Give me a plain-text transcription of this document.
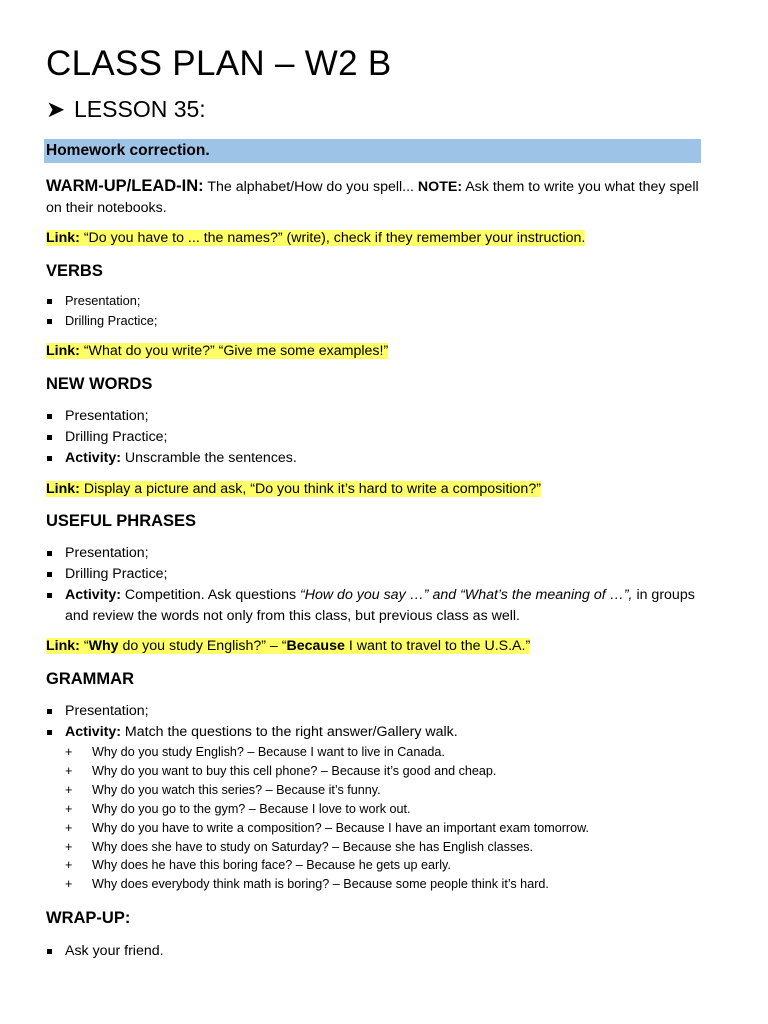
CLASS PLAN – W2 B
➤ LESSON 35:
Homework correction.
WARM-UP/LEAD-IN: The alphabet/How do you spell... NOTE: Ask them to write you what they spell on their notebooks.
Link: “Do you have to ... the names?” (write), check if they remember your instruction.
VERBS
Presentation;
Drilling Practice;
Link: “What do you write?” “Give me some examples!”
NEW WORDS
Presentation;
Drilling Practice;
Activity: Unscramble the sentences.
Link: Display a picture and ask, “Do you think it’s hard to write a composition?”
USEFUL PHRASES
Presentation;
Drilling Practice;
Activity: Competition. Ask questions “How do you say …” and “What’s the meaning of …”, in groups and review the words not only from this class, but previous class as well.
Link: “Why do you study English?” – “Because I want to travel to the U.S.A.”
GRAMMAR
Presentation;
Activity: Match the questions to the right answer/Gallery walk.
+ Why do you study English? – Because I want to live in Canada.
+ Why do you want to buy this cell phone? – Because it’s good and cheap.
+ Why do you watch this series? – Because it’s funny.
+ Why do you go to the gym? – Because I love to work out.
+ Why do you have to write a composition? – Because I have an important exam tomorrow.
+ Why does she have to study on Saturday? – Because she has English classes.
+ Why does he have this boring face? – Because he gets up early.
+ Why does everybody think math is boring? – Because some people think it’s hard.
WRAP-UP:
Ask your friend.
